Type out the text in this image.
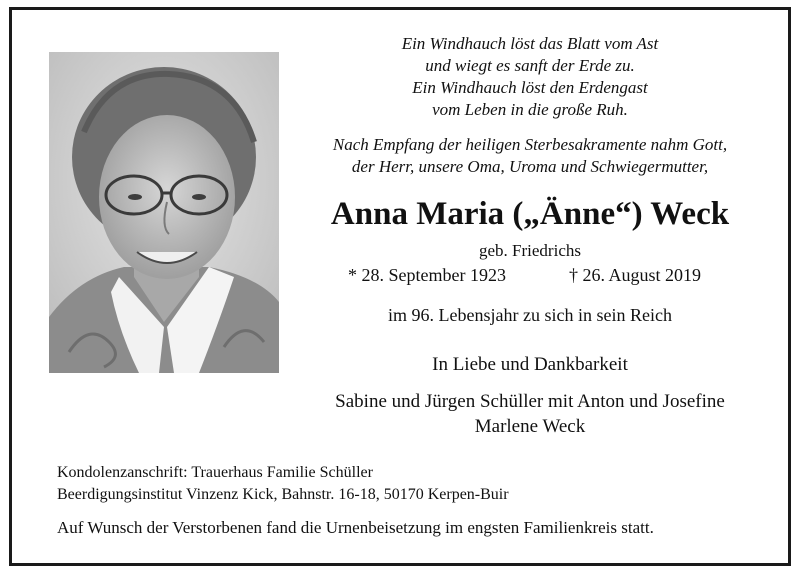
Ein Windhauch löst das Blatt vom Ast
und wiegt es sanft der Erde zu.
Ein Windhauch löst den Erdengast
vom Leben in die große Ruh.
Nach Empfang der heiligen Sterbesakramente nahm Gott,
der Herr, unsere Oma, Uroma und Schwiegermutter,
Anna Maria („Änne“) Weck
geb. Friedrichs
* 28. September 1923	† 26. August 2019
im 96. Lebensjahr zu sich in sein Reich
In Liebe und Dankbarkeit
Sabine und Jürgen Schüller mit Anton und Josefine
Marlene Weck
Kondolenzanschrift: Trauerhaus Familie Schüller
Beerdigungsinstitut Vinzenz Kick, Bahnstr. 16-18, 50170 Kerpen-Buir
Auf Wunsch der Verstorbenen fand die Urnenbeisetzung im engsten Familienkreis statt.
